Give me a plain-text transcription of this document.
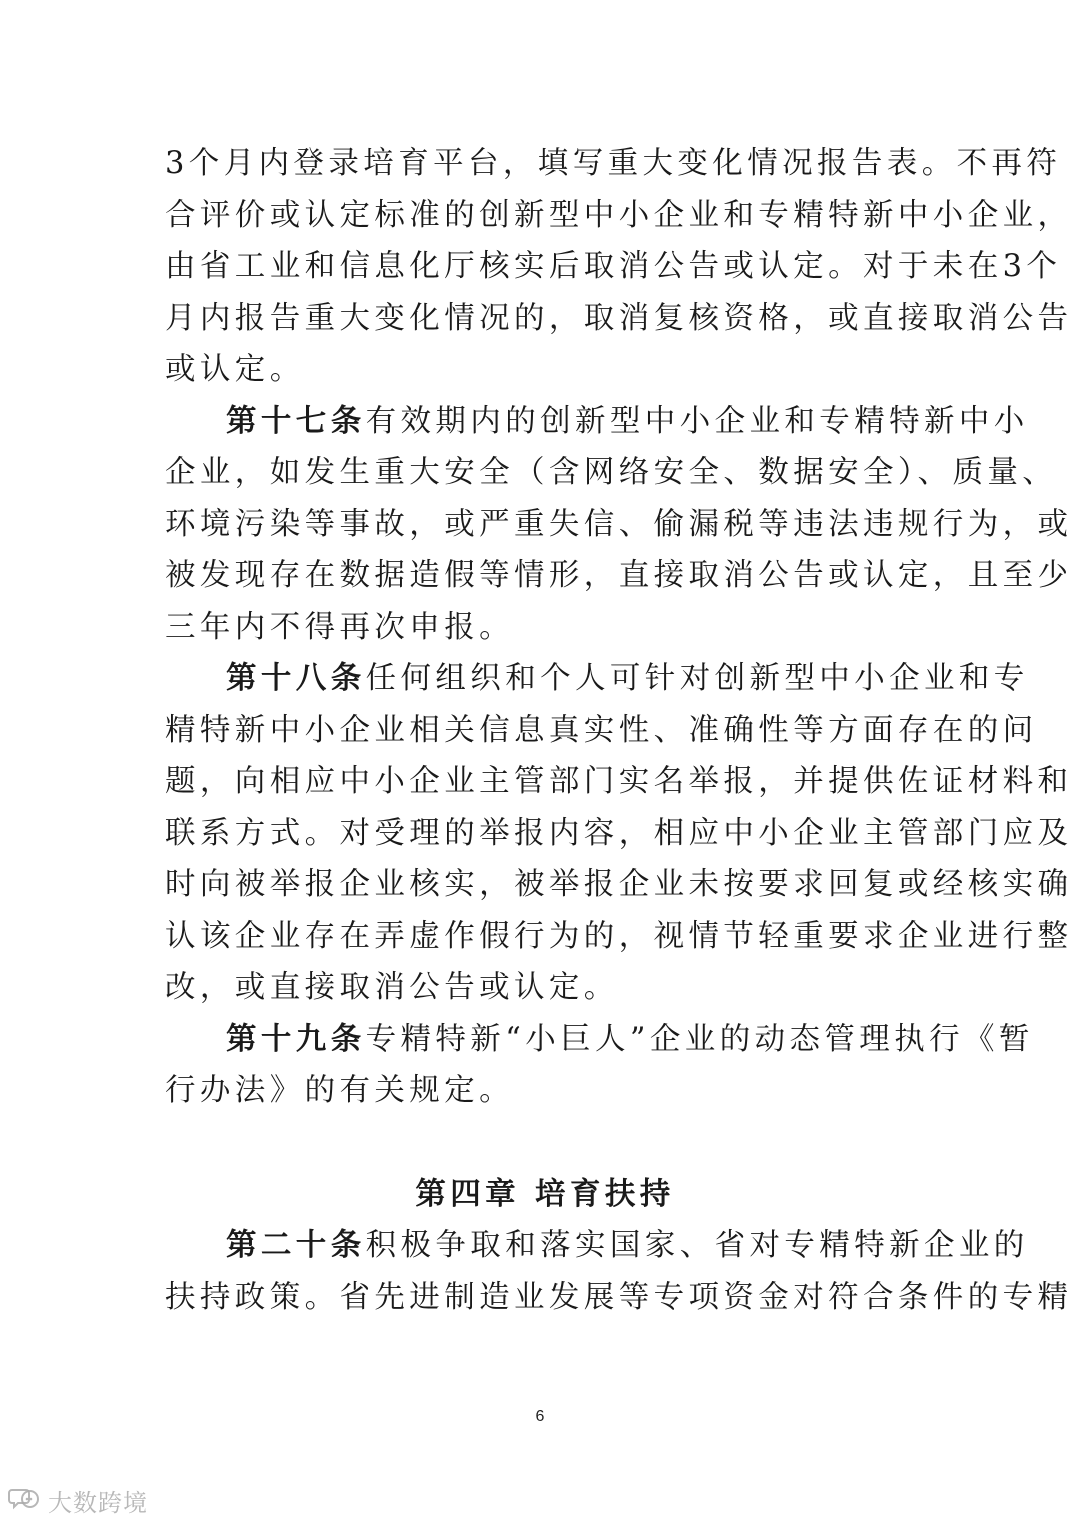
3个月内登录培育平台，填写重大变化情况报告表。不再符
合评价或认定标准的创新型中小企业和专精特新中小企业，
由省工业和信息化厅核实后取消公告或认定。对于未在3个
月内报告重大变化情况的，取消复核资格，或直接取消公告
或认定。
第十七条有效期内的创新型中小企业和专精特新中小
企业，如发生重大安全（含网络安全、数据安全）、质量、
环境污染等事故，或严重失信、偷漏税等违法违规行为，或
被发现存在数据造假等情形，直接取消公告或认定，且至少
三年内不得再次申报。
第十八条任何组织和个人可针对创新型中小企业和专
精特新中小企业相关信息真实性、准确性等方面存在的问
题，向相应中小企业主管部门实名举报，并提供佐证材料和
联系方式。对受理的举报内容，相应中小企业主管部门应及
时向被举报企业核实，被举报企业未按要求回复或经核实确
认该企业存在弄虚作假行为的，视情节轻重要求企业进行整
改，或直接取消公告或认定。
第十九条专精特新“小巨人”企业的动态管理执行《暂
行办法》的有关规定。
第四章 培育扶持
第二十条积极争取和落实国家、省对专精特新企业的
扶持政策。省先进制造业发展等专项资金对符合条件的专精
6
大数跨境
